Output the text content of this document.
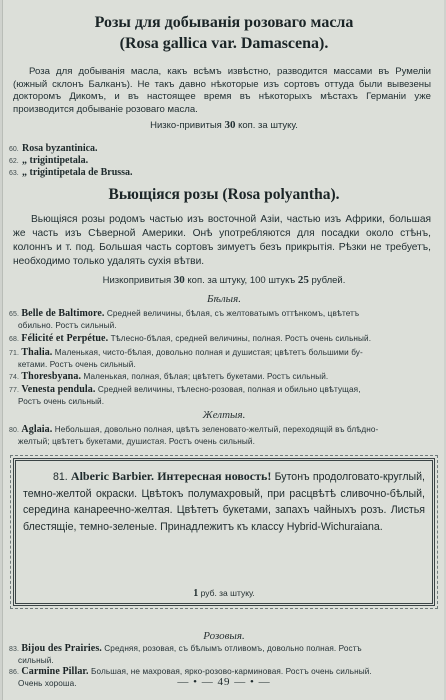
Розы для добыванія розоваго масла
(Rosa gallica var. Damascena).
Роза для добыванія масла, какъ всѣмъ извѣстно, разводится массами въ Румеліи (южный склонъ Балканъ). Не такъ давно нѣкоторые изъ сортовъ оттуда были вывезены докторомъ Дикомъ, и въ настоящее время въ нѣкоторыхъ мѣстахъ Германіи уже производится добываніе розоваго масла.
Низко-привитыя 30 коп. за штуку.
60. Rosa byzantinica.
62. „ trigintipetala.
63. „ trigintipetala de Brussa.
Вьющіяся розы (Rosa polyantha).
Вьющіяся розы родомъ частью изъ восточной Азіи, частью изъ Африки, большая же часть изъ Сѣверной Америки. Онѣ употребляются для посадки около стѣнъ, колоннъ и т. под. Большая часть сортовъ зимуетъ безъ прикрытія. Рѣзки не требуетъ, необходимо только удалять сухія вѣтви.
Низкопривитыя 30 коп. за штуку, 100 штукъ 25 рублей.
Бѣлыя.
65. Belle de Baltimore. Средней величины, бѣлая, съ желтоватымъ оттѣнкомъ, цвѣтетъ
обильно. Ростъ сильный.
68. Félicité et Perpétue. Тѣлесно-бѣлая, средней величины, полная. Ростъ очень сильный.
71. Thalia. Маленькая, чисто-бѣлая, довольно полная и душистая; цвѣтетъ большими бу-
кетами. Ростъ очень сильный.
74. Thoresbyana. Маленькая, полная, бѣлая; цвѣтетъ букетами. Ростъ сильный.
77. Venesta pendula. Средней величины, тѣлесно-розовая, полная и обильно цвѣтущая,
Ростъ очень сильный.
Желтыя.
80. Aglaia. Небольшая, довольно полная, цвѣтъ зеленовато-желтый, переходящій въ блѣдно-
желтый; цвѣтетъ букетами, душистая. Ростъ очень сильный.
81. Alberic Barbier. Интересная новость! Бутонъ продолговато-круглый, темно-желтой окраски. Цвѣтокъ полумахровый, при расцвѣтѣ сливочно-бѣлый, середина канареечно-желтая. Цвѣтетъ букетами, запахъ чайныхъ розъ. Листья блестящіе, темно-зеленые. Принадлежитъ къ классу Hybrid-Wichuraiana.
1 руб. за штуку.
Розовыя.
83. Bijou des Prairies. Средняя, розовая, съ бѣлымъ отливомъ, довольно полная. Ростъ
сильный.
86. Carmine Pillar. Большая, не махровая, ярко-розово-карминовая. Ростъ очень сильный.
Очень хороша.	— • — 49 — • —
